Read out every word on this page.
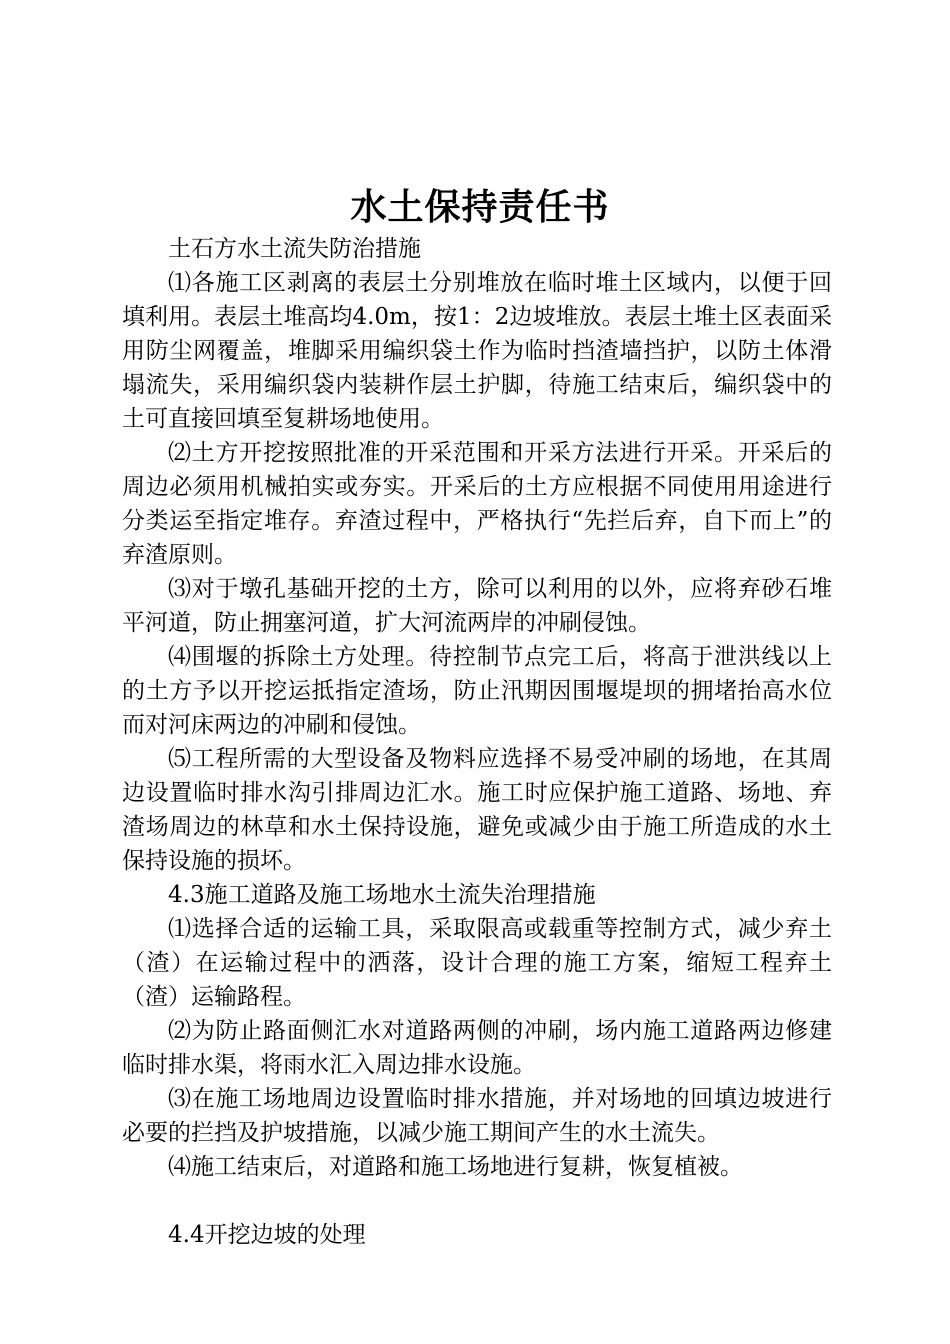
水土保持责任书

土石方水土流失防治措施

⑴各施工区剥离的表层土分别堆放在临时堆土区域内，以便于回填利用。表层土堆高均4.0m，按1：2边坡堆放。表层土堆土区表面采用防尘网覆盖，堆脚采用编织袋土作为临时挡渣墙挡护，以防土体滑塌流失，采用编织袋内装耕作层土护脚，待施工结束后，编织袋中的土可直接回填至复耕场地使用。

⑵土方开挖按照批准的开采范围和开采方法进行开采。开采后的周边必须用机械拍实或夯实。开采后的土方应根据不同使用用途进行分类运至指定堆存。弃渣过程中，严格执行“先拦后弃，自下而上”的弃渣原则。

⑶对于墩孔基础开挖的土方，除可以利用的以外，应将弃砂石堆平河道，防止拥塞河道，扩大河流两岸的冲刷侵蚀。

⑷围堰的拆除土方处理。待控制节点完工后，将高于泄洪线以上的土方予以开挖运抵指定渣场，防止汛期因围堰堤坝的拥堵抬高水位而对河床两边的冲刷和侵蚀。

⑸工程所需的大型设备及物料应选择不易受冲刷的场地，在其周边设置临时排水沟引排周边汇水。施工时应保护施工道路、场地、弃渣场周边的林草和水土保持设施，避免或减少由于施工所造成的水土保持设施的损坏。

4.3施工道路及施工场地水土流失治理措施

⑴选择合适的运输工具，采取限高或载重等控制方式，减少弃土（渣）在运输过程中的洒落，设计合理的施工方案，缩短工程弃土（渣）运输路程。

⑵为防止路面侧汇水对道路两侧的冲刷，场内施工道路两边修建临时排水渠，将雨水汇入周边排水设施。

⑶在施工场地周边设置临时排水措施，并对场地的回填边坡进行必要的拦挡及护坡措施，以减少施工期间产生的水土流失。

⑷施工结束后，对道路和施工场地进行复耕，恢复植被。

4.4开挖边坡的处理
